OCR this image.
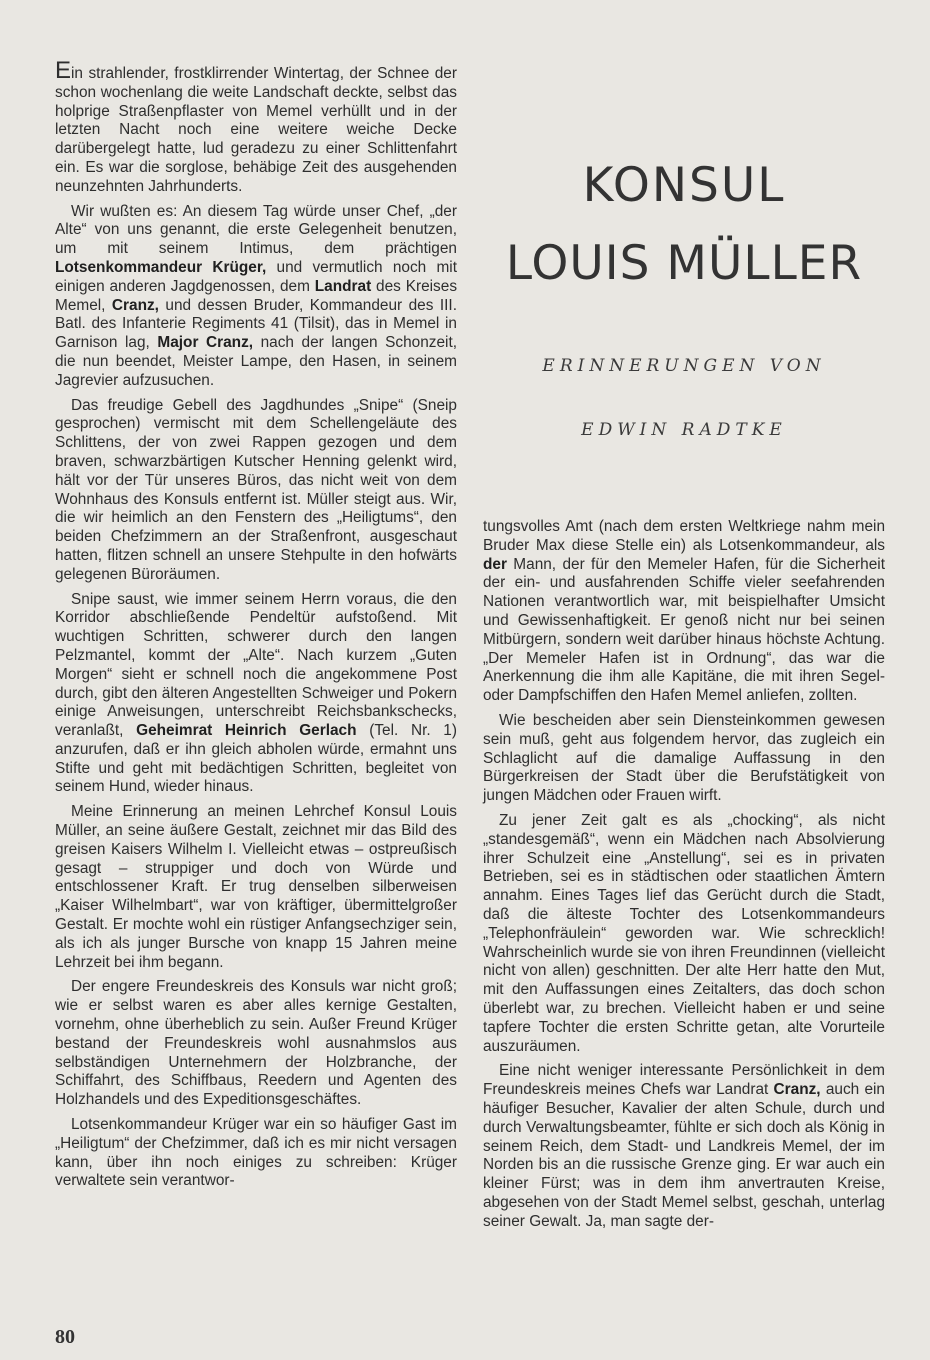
Ein strahlender, frostklirrender Wintertag, der Schnee der schon wochenlang die weite Landschaft deckte, selbst das holprige Straßenpflaster von Memel verhüllt und in der letzten Nacht noch eine weitere weiche Decke darübergelegt hatte, lud geradezu zu einer Schlittenfahrt ein. Es war die sorglose, behäbige Zeit des ausgehenden neunzehnten Jahrhunderts.

Wir wußten es: An diesem Tag würde unser Chef, „der Alte“ von uns genannt, die erste Gelegenheit benutzen, um mit seinem Intimus, dem prächtigen Lotsenkommandeur Krüger, und vermutlich noch mit einigen anderen Jagdgenossen, dem Landrat des Kreises Memel, Cranz, und dessen Bruder, Kommandeur des III. Batl. des Infanterie Regiments 41 (Tilsit), das in Memel in Garnison lag, Major Cranz, nach der langen Schonzeit, die nun beendet, Meister Lampe, den Hasen, in seinem Jagrevier aufzusuchen.

Das freudige Gebell des Jagdhundes „Snipe“ (Sneip gesprochen) vermischt mit dem Schellengeläute des Schlittens, der von zwei Rappen gezogen und dem braven, schwarzbärtigen Kutscher Henning gelenkt wird, hält vor der Tür unseres Büros, das nicht weit von dem Wohnhaus des Konsuls entfernt ist. Müller steigt aus. Wir, die wir heimlich an den Fenstern des „Heiligtums“, den beiden Chefzimmern an der Straßenfront, ausgeschaut hatten, flitzen schnell an unsere Stehpulte in den hofwärts gelegenen Büroräumen.

Snipe saust, wie immer seinem Herrn voraus, die den Korridor abschließende Pendeltür aufstoßend. Mit wuchtigen Schritten, schwerer durch den langen Pelzmantel, kommt der „Alte“. Nach kurzem „Guten Morgen“ sieht er schnell noch die angekommene Post durch, gibt den älteren Angestellten Schweiger und Pokern einige Anweisungen, unterschreibt Reichsbankschecks, veranlaßt, Geheimrat Heinrich Gerlach (Tel. Nr. 1) anzurufen, daß er ihn gleich abholen würde, ermahnt uns Stifte und geht mit bedächtigen Schritten, begleitet von seinem Hund, wieder hinaus.

Meine Erinnerung an meinen Lehrchef Konsul Louis Müller, an seine äußere Gestalt, zeichnet mir das Bild des greisen Kaisers Wilhelm I. Vielleicht etwas – ostpreußisch gesagt – struppiger und doch von Würde und entschlossener Kraft. Er trug denselben silberweisen „Kaiser Wilhelmbart“, war von kräftiger, übermittelgroßer Gestalt. Er mochte wohl ein rüstiger Anfangsechziger sein, als ich als junger Bursche von knapp 15 Jahren meine Lehrzeit bei ihm begann.

Der engere Freundeskreis des Konsuls war nicht groß; wie er selbst waren es aber alles kernige Gestalten, vornehm, ohne überheblich zu sein. Außer Freund Krüger bestand der Freundeskreis wohl ausnahmslos aus selbständigen Unternehmern der Holzbranche, der Schiffahrt, des Schiffbaus, Reedern und Agenten des Holzhandels und des Expeditionsgeschäftes.

Lotsenkommandeur Krüger war ein so häufiger Gast im „Heiligtum“ der Chefzimmer, daß ich es mir nicht versagen kann, über ihn noch einiges zu schreiben: Krüger verwaltete sein verantwor-

KONSUL
LOUIS MÜLLER
ERINNERUNGEN VON
EDWIN RADTKE

tungsvolles Amt (nach dem ersten Weltkriege nahm mein Bruder Max diese Stelle ein) als Lotsenkommandeur, als der Mann, der für den Memeler Hafen, für die Sicherheit der ein- und ausfahrenden Schiffe vieler seefahrenden Nationen verantwortlich war, mit beispielhafter Umsicht und Gewissenhaftigkeit. Er genoß nicht nur bei seinen Mitbürgern, sondern weit darüber hinaus höchste Achtung. „Der Memeler Hafen ist in Ordnung“, das war die Anerkennung die ihm alle Kapitäne, die mit ihren Segel- oder Dampfschiffen den Hafen Memel anliefen, zollten.

Wie bescheiden aber sein Diensteinkommen gewesen sein muß, geht aus folgendem hervor, das zugleich ein Schlaglicht auf die damalige Auffassung in den Bürgerkreisen der Stadt über die Berufstätigkeit von jungen Mädchen oder Frauen wirft.

Zu jener Zeit galt es als „chocking“, als nicht „standesgemäß“, wenn ein Mädchen nach Absolvierung ihrer Schulzeit eine „Anstellung“, sei es in privaten Betrieben, sei es in städtischen oder staatlichen Ämtern annahm. Eines Tages lief das Gerücht durch die Stadt, daß die älteste Tochter des Lotsenkommandeurs „Telephonfräulein“ geworden war. Wie schrecklich! Wahrscheinlich wurde sie von ihren Freundinnen (vielleicht nicht von allen) geschnitten. Der alte Herr hatte den Mut, mit den Auffassungen eines Zeitalters, das doch schon überlebt war, zu brechen. Vielleicht haben er und seine tapfere Tochter die ersten Schritte getan, alte Vorurteile auszuräumen.

Eine nicht weniger interessante Persönlichkeit in dem Freundeskreis meines Chefs war Landrat Cranz, auch ein häufiger Besucher, Kavalier der alten Schule, durch und durch Verwaltungsbeamter, fühlte er sich doch als König in seinem Reich, dem Stadt- und Landkreis Memel, der im Norden bis an die russische Grenze ging. Er war auch ein kleiner Fürst; was in dem ihm anvertrauten Kreise, abgesehen von der Stadt Memel selbst, geschah, unterlag seiner Gewalt. Ja, man sagte der-

80
